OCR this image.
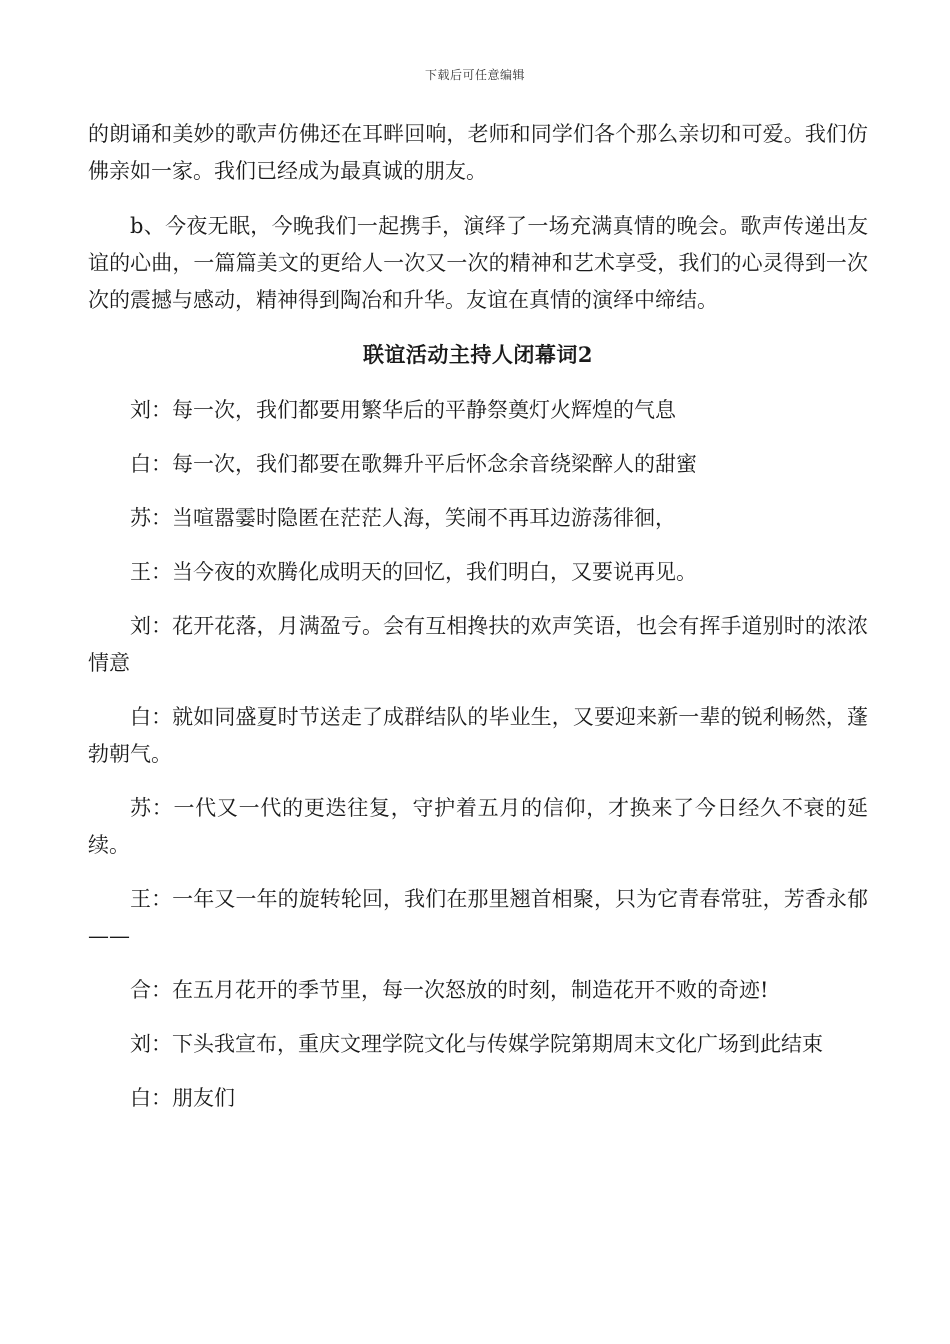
下载后可任意编辑

的朗诵和美妙的歌声仿佛还在耳畔回响，老师和同学们各个那么亲切和可爱。我们仿佛亲如一家。我们已经成为最真诚的朋友。

b、今夜无眠，今晚我们一起携手，演绎了一场充满真情的晚会。歌声传递出友谊的心曲，一篇篇美文的更给人一次又一次的精神和艺术享受，我们的心灵得到一次次的震撼与感动，精神得到陶冶和升华。友谊在真情的演绎中缔结。

联谊活动主持人闭幕词2

刘：每一次，我们都要用繁华后的平静祭奠灯火辉煌的气息

白：每一次，我们都要在歌舞升平后怀念余音绕梁醉人的甜蜜

苏：当喧嚣霎时隐匿在茫茫人海，笑闹不再耳边游荡徘徊，

王：当今夜的欢腾化成明天的回忆，我们明白，又要说再见。

刘：花开花落，月满盈亏。会有互相搀扶的欢声笑语，也会有挥手道别时的浓浓情意

白：就如同盛夏时节送走了成群结队的毕业生，又要迎来新一辈的锐利畅然，蓬勃朝气。

苏：一代又一代的更迭往复，守护着五月的信仰，才换来了今日经久不衰的延续。

王：一年又一年的旋转轮回，我们在那里翘首相聚，只为它青春常驻，芳香永郁——

合：在五月花开的季节里，每一次怒放的时刻，制造花开不败的奇迹!

刘：下头我宣布，重庆文理学院文化与传媒学院第期周末文化广场到此结束

白：朋友们
